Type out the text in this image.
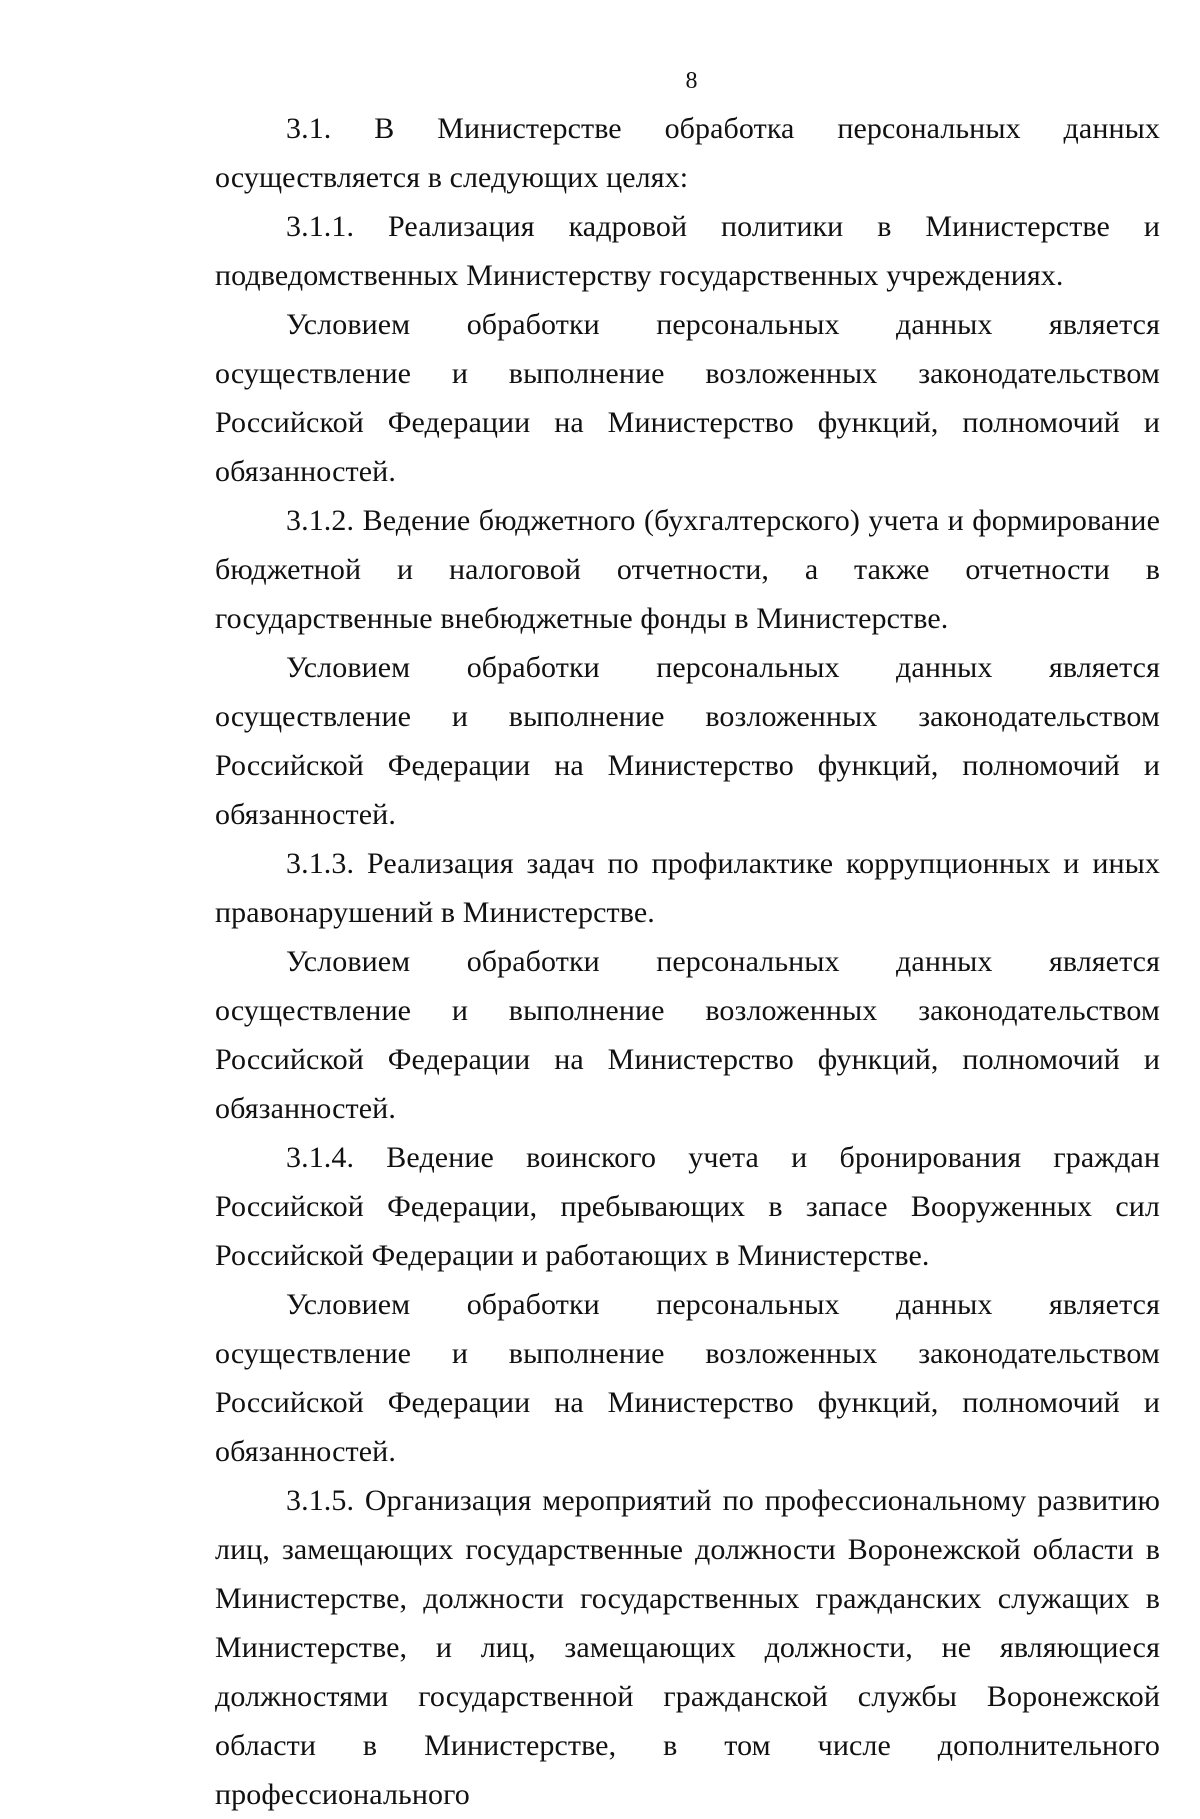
8

3.1. В Министерстве обработка персональных данных осуществляется в следующих целях:

3.1.1. Реализация кадровой политики в Министерстве и подведомственных Министерству государственных учреждениях.

Условием обработки персональных данных является осуществление и выполнение возложенных законодательством Российской Федерации на Министерство функций, полномочий и обязанностей.

3.1.2. Ведение бюджетного (бухгалтерского) учета и формирование бюджетной и налоговой отчетности, а также отчетности в государственные внебюджетные фонды в Министерстве.

Условием обработки персональных данных является осуществление и выполнение возложенных законодательством Российской Федерации на Министерство функций, полномочий и обязанностей.

3.1.3. Реализация задач по профилактике коррупционных и иных правонарушений в Министерстве.

Условием обработки персональных данных является осуществление и выполнение возложенных законодательством Российской Федерации на Министерство функций, полномочий и обязанностей.

3.1.4. Ведение воинского учета и бронирования граждан Российской Федерации, пребывающих в запасе Вооруженных сил Российской Федерации и работающих в Министерстве.

Условием обработки персональных данных является осуществление и выполнение возложенных законодательством Российской Федерации на Министерство функций, полномочий и обязанностей.

3.1.5. Организация мероприятий по профессиональному развитию лиц, замещающих государственные должности Воронежской области в Министерстве, должности государственных гражданских служащих в Министерстве, и лиц, замещающих должности, не являющиеся должностями государственной гражданской службы Воронежской области в Министерстве, в том числе дополнительного профессионального
